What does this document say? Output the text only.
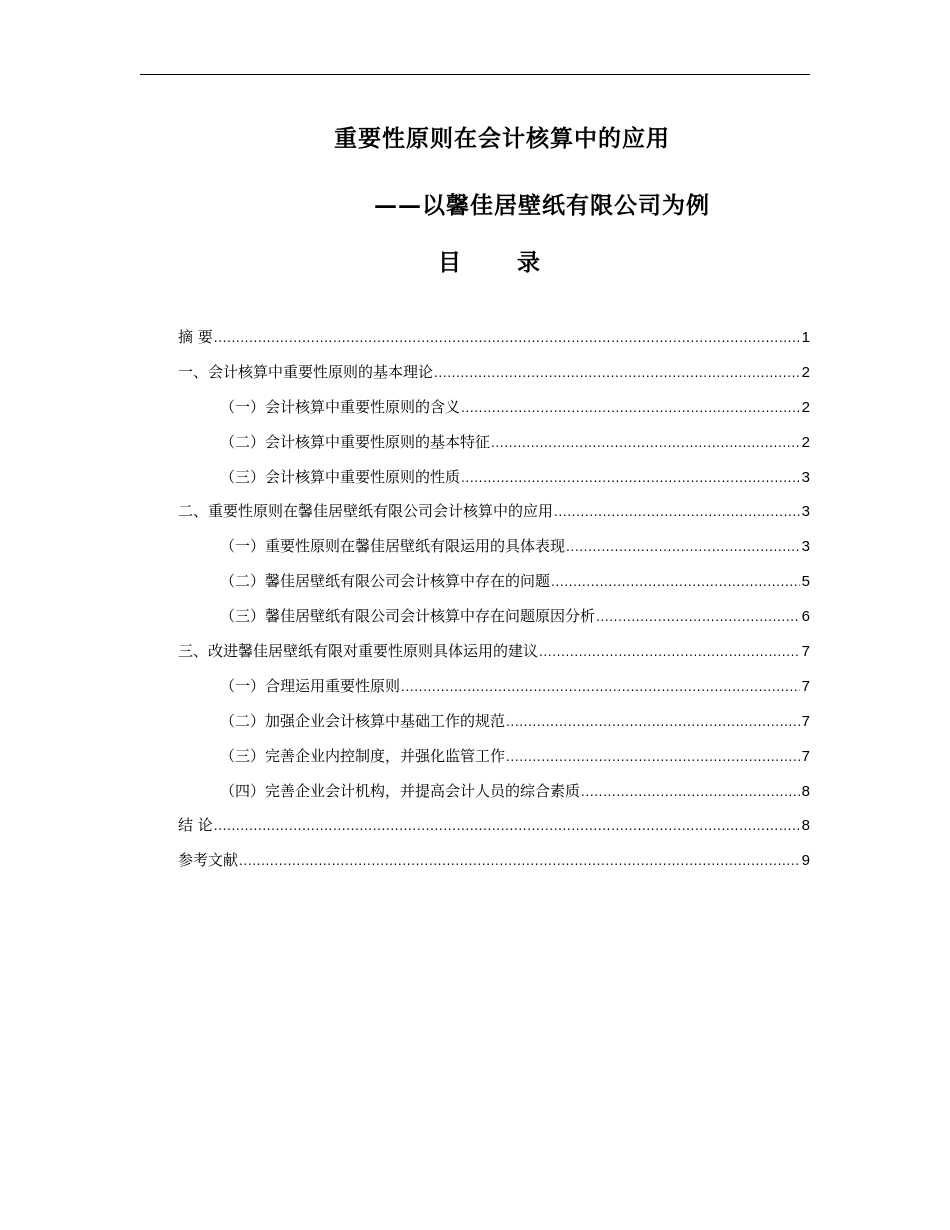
重要性原则在会计核算中的应用
——以馨佳居壁纸有限公司为例
目 录
摘 要 .....	1
一、会计核算中重要性原则的基本理论 .....	2
（一）会计核算中重要性原则的含义 .....	2
（二）会计核算中重要性原则的基本特征 .....	2
（三）会计核算中重要性原则的性质 .....	3
二、重要性原则在馨佳居壁纸有限公司会计核算中的应用 .....	3
（一）重要性原则在馨佳居壁纸有限运用的具体表现 .....	3
（二）馨佳居壁纸有限公司会计核算中存在的问题 .....	5
（三）馨佳居壁纸有限公司会计核算中存在问题原因分析 .....	6
三、改进馨佳居壁纸有限对重要性原则具体运用的建议 .....	7
（一）合理运用重要性原则 .....	7
（二）加强企业会计核算中基础工作的规范 .....	7
（三）完善企业内控制度，并强化监管工作 .....	7
（四）完善企业会计机构，并提高会计人员的综合素质 .....	8
结 论 .....	8
参考文献 .....	9
